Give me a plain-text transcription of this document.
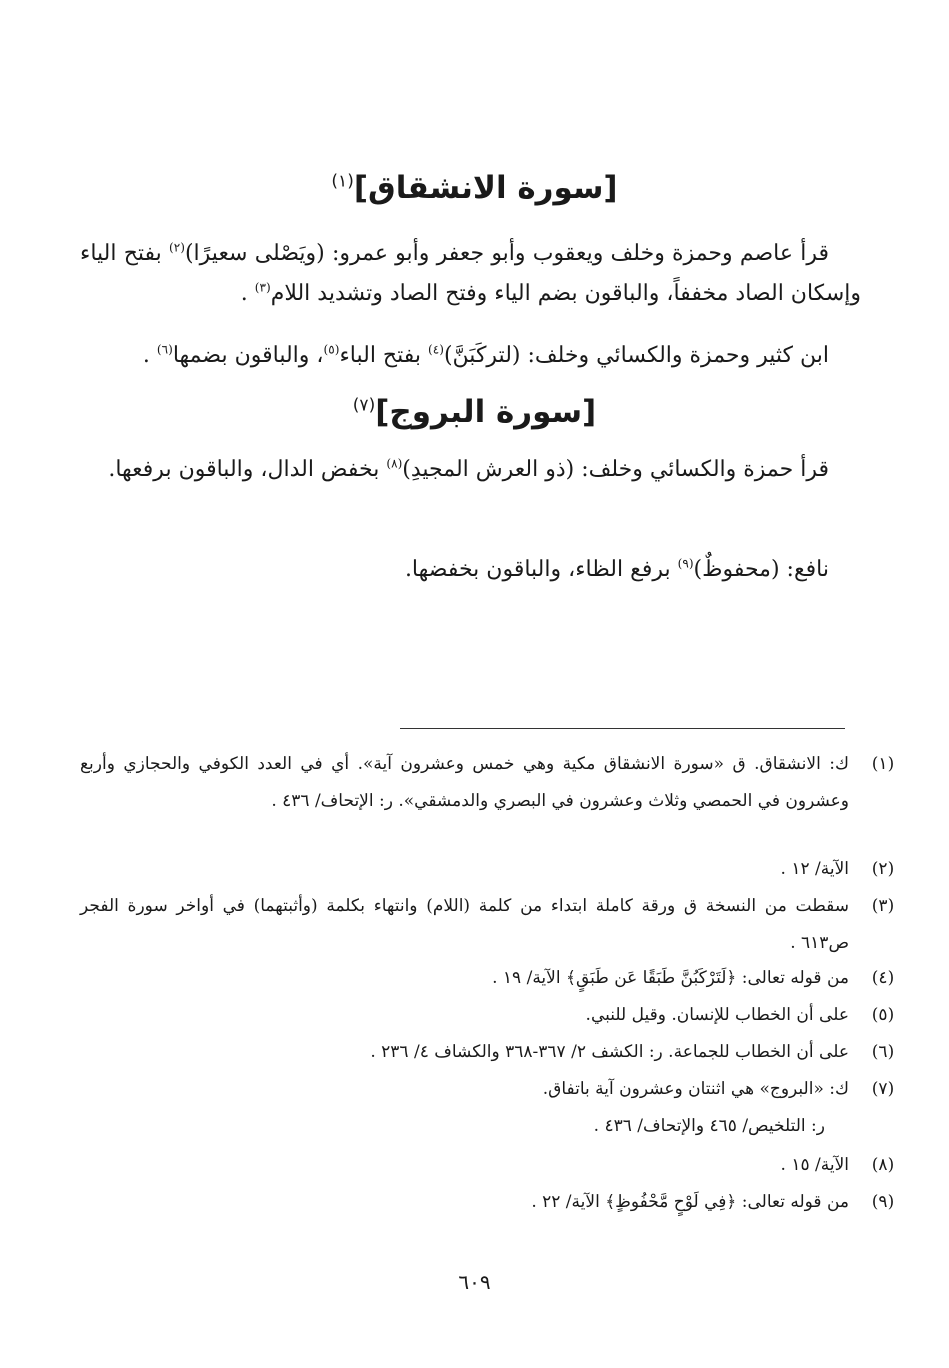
[سورة الانشقاق]$^{(١)}$
قرأ عاصم وحمزة وخلف ويعقوب وأبو جعفر وأبو عمرو: (ويَصْلى سعيرًا)$^{(٢)}$ بفتح الياء وإسكان الصاد مخففاً، والباقون بضم الياء وفتح الصاد وتشديد اللام$^{(٣)}$ .
ابن كثير وحمزة والكسائي وخلف: (لتركَبَنَّ)$^{(٤)}$ بفتح الباء$^{(٥)}$، والباقون بضمها$^{(٦)}$ .
[سورة البروج]$^{(٧)}$
قرأ حمزة والكسائي وخلف: (ذو العرش المجيدِ)$^{(٨)}$ بخفض الدال، والباقون برفعها.
نافع: (محفوظٌ)$^{(٩)}$ برفع الظاء، والباقون بخفضها.
(١)
ك: الانشقاق. ق «سورة الانشقاق مكية وهي خمس وعشرون آية». أي في العدد الكوفي والحجازي وأربع وعشرون في الحمصي وثلاث وعشرون في البصري والدمشقي». ر: الإتحاف/ ٤٣٦ .
(٢)
الآية/ ١٢ .
(٣)
سقطت من النسخة ق ورقة كاملة ابتداء من كلمة (اللام) وانتهاء بكلمة (وأثبتهما) في أواخر سورة الفجر ص٦١٣ .
(٤)
من قوله تعالى: ﴿لَتَرْكَبُنَّ طَبَقًا عَن طَبَقٍ﴾ الآية/ ١٩ .
(٥)
على أن الخطاب للإنسان. وقيل للنبي.
(٦)
على أن الخطاب للجماعة. ر: الكشف ٢/ ٣٦٧-٣٦٨ والكشاف ٤/ ٢٣٦ .
(٧)
ك: «البروج» هي اثنتان وعشرون آية باتفاق.
ر: التلخيص/ ٤٦٥ والإتحاف/ ٤٣٦ .
(٨)
الآية/ ١٥ .
(٩)
من قوله تعالى: ﴿فِي لَوْحٍ مَّحْفُوظٍ﴾ الآية/ ٢٢ .
٦٠٩
